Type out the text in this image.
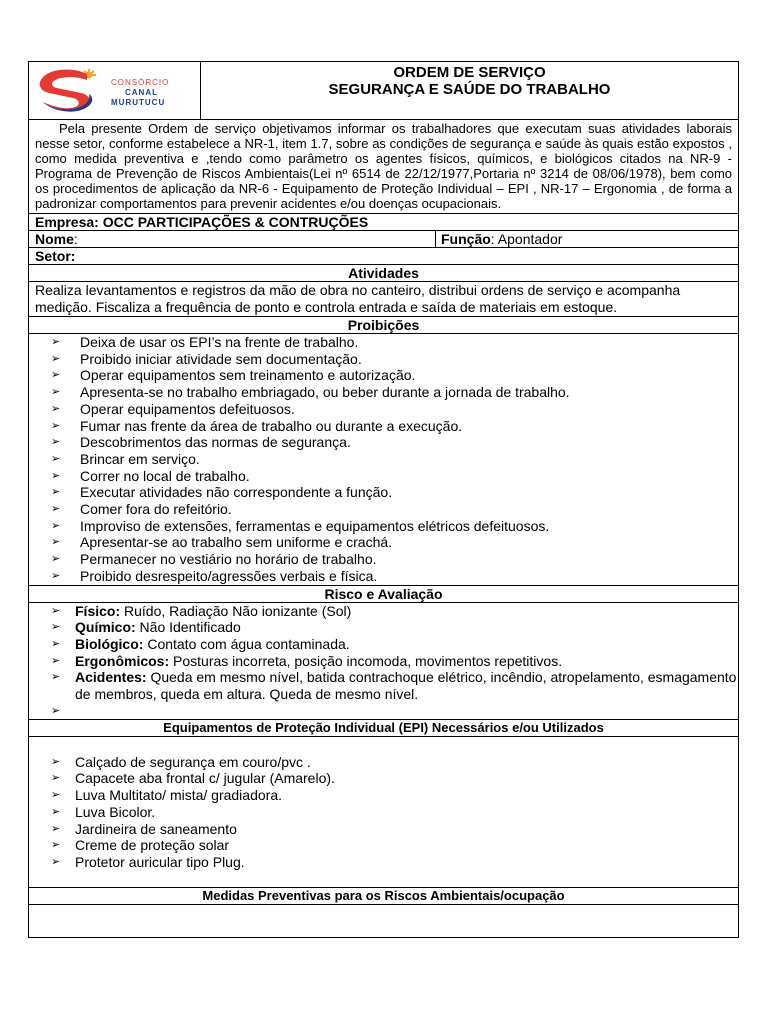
CONSÓRCIO
CANAL
MURUTUCU
ORDEM DE SERVIÇO
SEGURANÇA E SAÚDE DO TRABALHO
Pela presente Ordem de serviço objetivamos informar os trabalhadores que executam suas atividades laborais nesse setor, conforme estabelece a NR-1, item 1.7, sobre as condições de segurança e saúde às quais estão expostos , como medida preventiva e ,tendo como parâmetro os agentes físicos, químicos, e biológicos citados na NR-9 - Programa de Prevenção de Riscos Ambientais(Lei nº 6514 de 22/12/1977,Portaria nº 3214 de 08/06/1978), bem como os procedimentos de aplicação da NR-6 - Equipamento de Proteção Individual – EPI , NR-17 – Ergonomia , de forma a padronizar comportamentos para prevenir acidentes e/ou doenças ocupacionais.
Empresa: OCC PARTICIPAÇÕES & CONTRUÇÕES
Nome:	Função: Apontador
Setor:
Atividades
Realiza levantamentos e registros da mão de obra no canteiro, distribui ordens de serviço e acompanha medição. Fiscaliza a frequência de ponto e controla entrada e saída de materiais em estoque.
Proibições
➢ Deixa de usar os EPI’s na frente de trabalho.
➢ Proibido iniciar atividade sem documentação.
➢ Operar equipamentos sem treinamento e autorização.
➢ Apresenta-se no trabalho embriagado, ou beber durante a jornada de trabalho.
➢ Operar equipamentos defeituosos.
➢ Fumar nas frente da área de trabalho ou durante a execução.
➢ Descobrimentos das normas de segurança.
➢ Brincar em serviço.
➢ Correr no local de trabalho.
➢ Executar atividades não correspondente a função.
➢ Comer fora do refeitório.
➢ Improviso de extensões, ferramentas e equipamentos elétricos defeituosos.
➢ Apresentar-se ao trabalho sem uniforme e crachá.
➢ Permanecer no vestiário no horário de trabalho.
➢ Proibido desrespeito/agressões verbais e física.
Risco e Avaliação
➢ Físico: Ruído, Radiação Não ionizante (Sol)
➢ Químico: Não Identificado
➢ Biológico: Contato com água contaminada.
➢ Ergonômicos: Posturas incorreta, posição incomoda, movimentos repetitivos.
➢ Acidentes: Queda em mesmo nível, batida contrachoque elétrico, incêndio, atropelamento, esmagamento de membros, queda em altura. Queda de mesmo nível.
➢
Equipamentos de Proteção Individual (EPI) Necessários e/ou Utilizados
➢ Calçado de segurança em couro/pvc .
➢ Capacete aba frontal c/ jugular (Amarelo).
➢ Luva Multitato/ mista/ gradiadora.
➢ Luva Bicolor.
➢ Jardineira de saneamento
➢ Creme de proteção solar
➢ Protetor auricular tipo Plug.
Medidas Preventivas para os Riscos Ambientais/ocupação
